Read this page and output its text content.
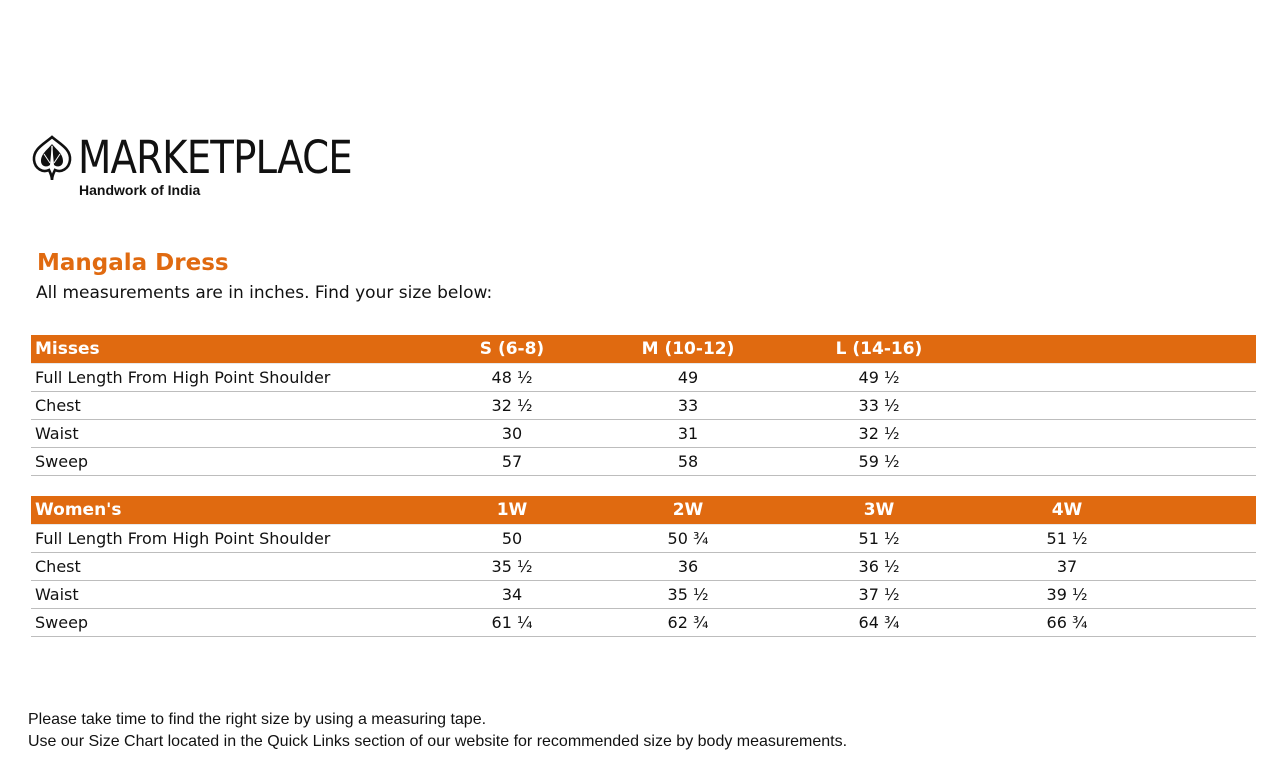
MARKETPLACE
Handwork of India
Mangala Dress
All measurements are in inches. Find your size below:
Misses	S (6-8)	M (10-12)	L (14-16)
Full Length From High Point Shoulder	48 ½	49	49 ½
Chest	32 ½	33	33 ½
Waist	30	31	32 ½
Sweep	57	58	59 ½
Women's	1W	2W	3W	4W
Full Length From High Point Shoulder	50	50 ¾	51 ½	51 ½
Chest	35 ½	36	36 ½	37
Waist	34	35 ½	37 ½	39 ½
Sweep	61 ¼	62 ¾	64 ¾	66 ¾
Please take time to find the right size by using a measuring tape.
Use our Size Chart located in the Quick Links section of our website for recommended size by body measurements.
